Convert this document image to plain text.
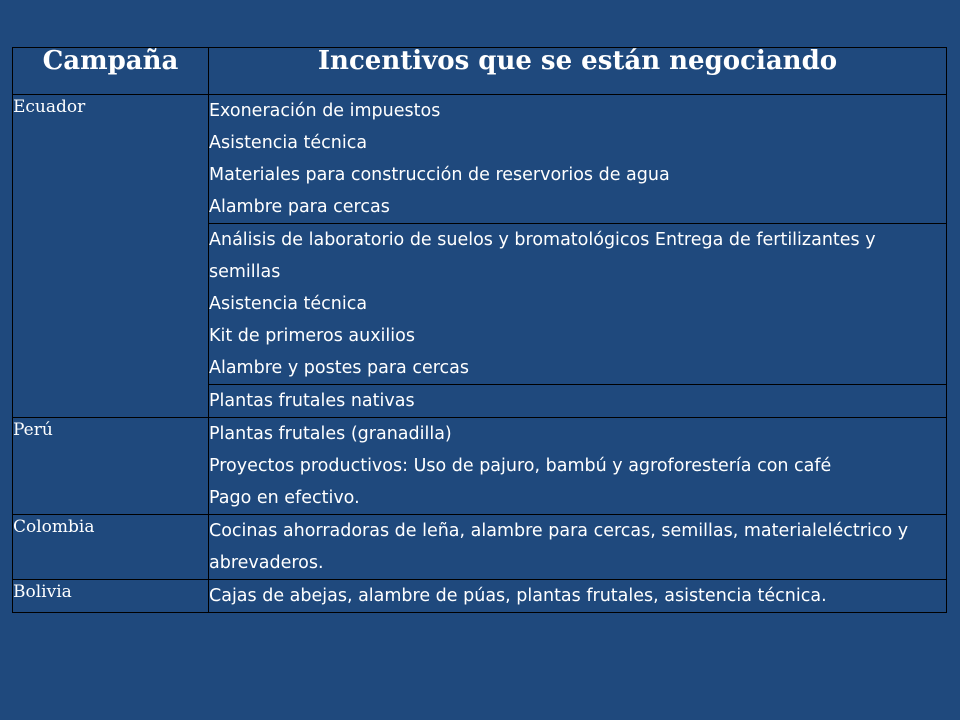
Campaña	Incentivos que se están negociando
Ecuador	Exoneración de impuestos
Asistencia técnica
Materiales para construcción de reservorios de agua
Alambre para cercas

	Análisis de laboratorio de suelos y bromatológicos Entrega de fertilizantes y semillas
Asistencia técnica
Kit de primeros auxilios
Alambre y postes para cercas

	Plantas frutales nativas

Perú	Plantas frutales (granadilla)
Proyectos productivos: Uso de pajuro, bambú y agroforestería con café
Pago en efectivo.

Colombia	Cocinas ahorradoras de leña, alambre para cercas, semillas, materialeléctrico y abrevaderos.

Bolivia	Cajas de abejas, alambre de púas, plantas frutales, asistencia técnica.
